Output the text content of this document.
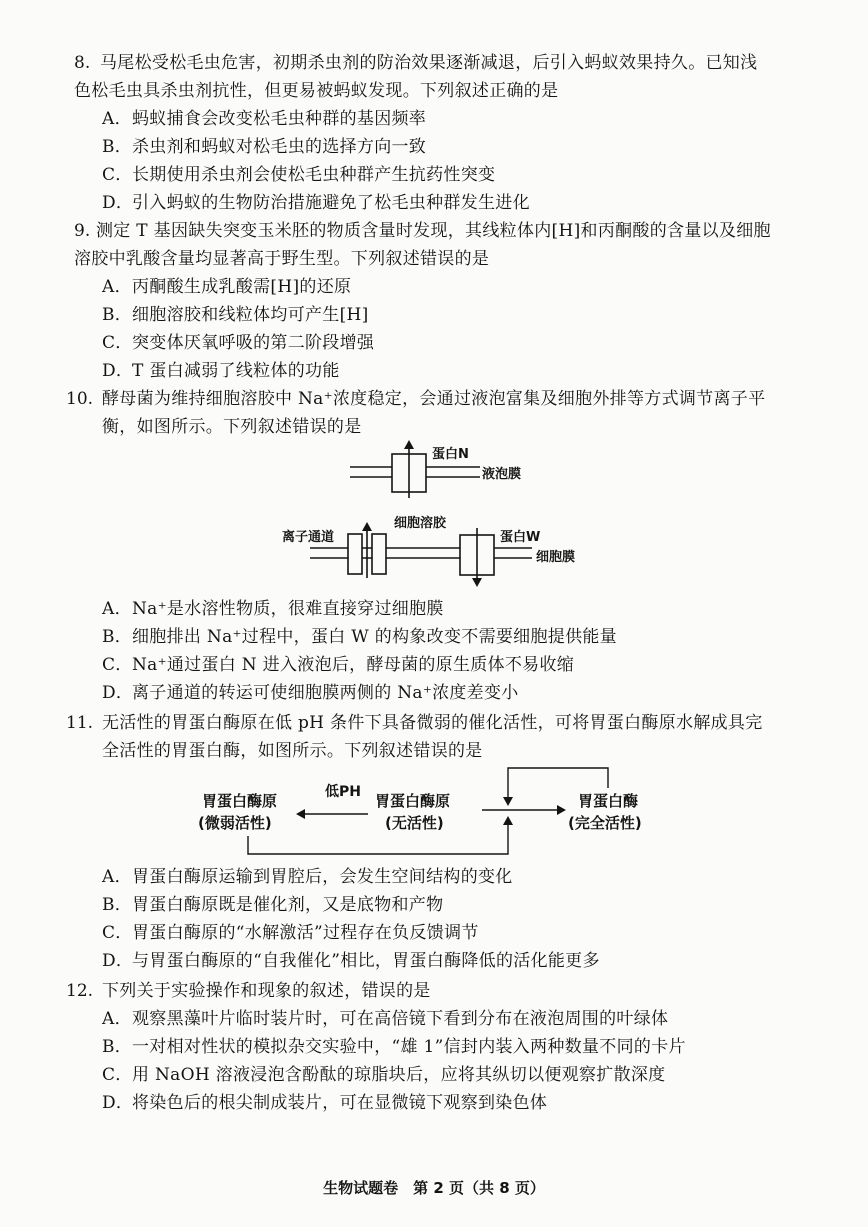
8. 马尾松受松毛虫危害，初期杀虫剂的防治效果逐渐减退，后引入蚂蚁效果持久。已知浅
色松毛虫具杀虫剂抗性，但更易被蚂蚁发现。下列叙述正确的是
A．蚂蚁捕食会改变松毛虫种群的基因频率
B．杀虫剂和蚂蚁对松毛虫的选择方向一致
C．长期使用杀虫剂会使松毛虫种群产生抗药性突变
D．引入蚂蚁的生物防治措施避免了松毛虫种群发生进化
9. 测定 T 基因缺失突变玉米胚的物质含量时发现，其线粒体内[H]和丙酮酸的含量以及细胞
溶胶中乳酸含量均显著高于野生型。下列叙述错误的是
A．丙酮酸生成乳酸需[H]的还原
B．细胞溶胶和线粒体均可产生[H]
C．突变体厌氧呼吸的第二阶段增强
D．T 蛋白减弱了线粒体的功能
10. 酵母菌为维持细胞溶胶中 Na⁺浓度稳定，会通过液泡富集及细胞外排等方式调节离子平
衡，如图所示。下列叙述错误的是
蛋白N
液泡膜
离子通道
细胞溶胶
蛋白W
细胞膜
A．Na⁺是水溶性物质，很难直接穿过细胞膜
B．细胞排出 Na⁺过程中，蛋白 W 的构象改变不需要细胞提供能量
C．Na⁺通过蛋白 N 进入液泡后，酵母菌的原生质体不易收缩
D．离子通道的转运可使细胞膜两侧的 Na⁺浓度差变小
11. 无活性的胃蛋白酶原在低 pH 条件下具备微弱的催化活性，可将胃蛋白酶原水解成具完
全活性的胃蛋白酶，如图所示。下列叙述错误的是
胃蛋白酶原
(微弱活性)
低PH 胃蛋白酶原
(无活性)
胃蛋白酶
(完全活性)
A．胃蛋白酶原运输到胃腔后，会发生空间结构的变化
B．胃蛋白酶原既是催化剂，又是底物和产物
C．胃蛋白酶原的“水解激活”过程存在负反馈调节
D．与胃蛋白酶原的“自我催化”相比，胃蛋白酶降低的活化能更多
12. 下列关于实验操作和现象的叙述，错误的是
A．观察黑藻叶片临时装片时，可在高倍镜下看到分布在液泡周围的叶绿体
B．一对相对性状的模拟杂交实验中，“雄 1”信封内装入两种数量不同的卡片
C．用 NaOH 溶液浸泡含酚酞的琼脂块后，应将其纵切以便观察扩散深度
D．将染色后的根尖制成装片，可在显微镜下观察到染色体
生物试题卷　第 2 页（共 8 页）
